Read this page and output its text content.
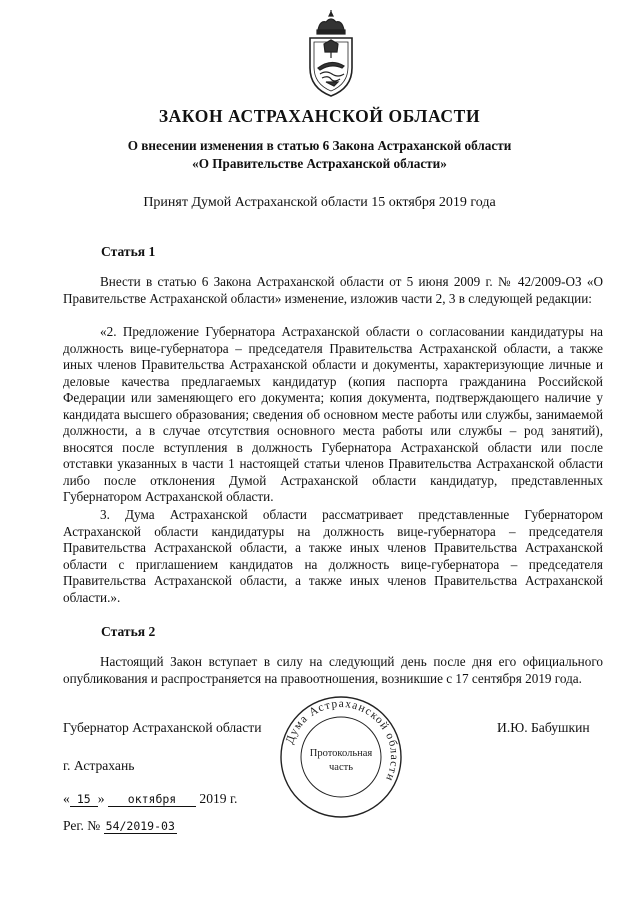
ЗАКОН АСТРАХАНСКОЙ ОБЛАСТИ
О внесении изменения в статью 6 Закона Астраханской области
«О Правительстве Астраханской области»
Принят Думой Астраханской области 15 октября 2019 года
Статья 1
Внести в статью 6 Закона Астраханской области от 5 июня 2009 г. № 42/2009-ОЗ «О Правительстве Астраханской области» изменение, изложив части 2, 3 в следующей редакции:
«2. Предложение Губернатора Астраханской области о согласовании кандидатуры на должность вице-губернатора – председателя Правительства Астраханской области, а также иных членов Правительства Астраханской области и документы, характеризующие личные и деловые качества предлагаемых кандидатур (копия паспорта гражданина Российской Федерации или заменяющего его документа; копия документа, подтверждающего наличие у кандидата высшего образования; сведения об основном месте работы или службы, занимаемой должности, а в случае отсутствия основного места работы или службы – род занятий), вносятся после вступления в должность Губернатора Астраханской области или после отставки указанных в части 1 настоящей статьи членов Правительства Астраханской области либо после отклонения Думой Астраханской области кандидатур, представленных Губернатором Астраханской области.
3. Дума Астраханской области рассматривает представленные Губернатором Астраханской области кандидатуры на должность вице-губернатора – председателя Правительства Астраханской области, а также иных членов Правительства Астраханской области с приглашением кандидатов на должность вице-губернатора – председателя Правительства Астраханской области, а также иных членов Правительства Астраханской области.».
Статья 2
Настоящий Закон вступает в силу на следующий день после дня его официального опубликования и распространяется на правоотношения, возникшие с 17 сентября 2019 года.
Губернатор Астраханской области	И.Ю. Бабушкин
г. Астрахань
« 15 » октября 2019 г.
Рег. № 54/2019-03
Дума Астраханской области
Протокольная
часть
